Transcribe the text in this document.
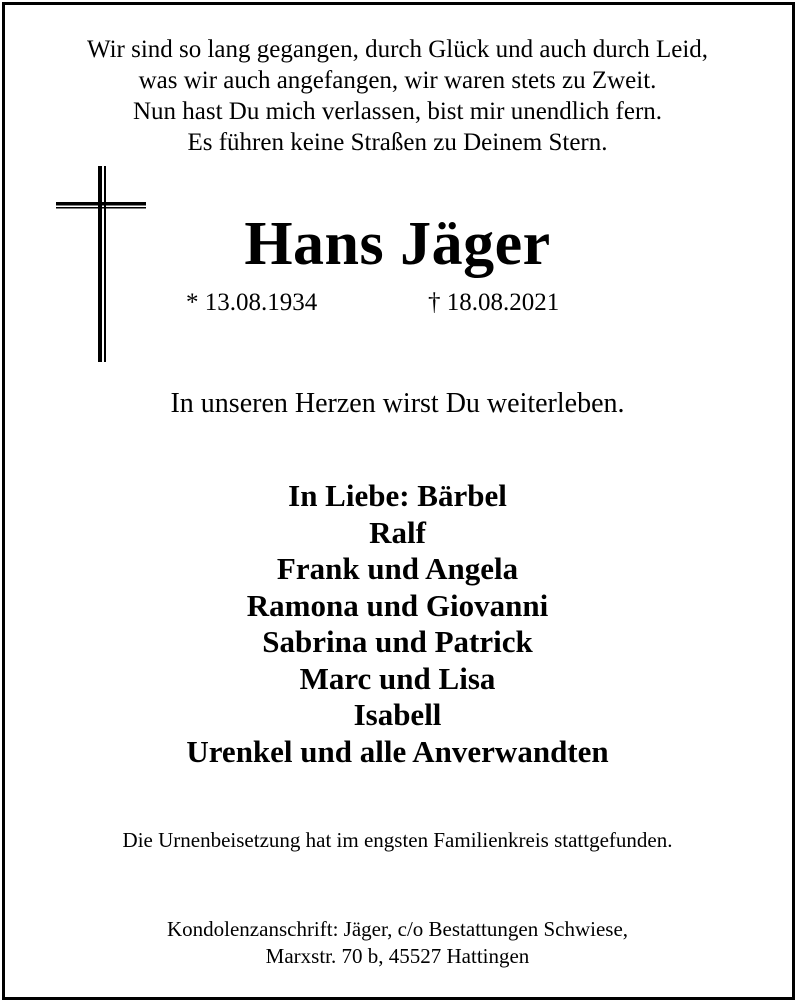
Wir sind so lang gegangen, durch Glück und auch durch Leid,
was wir auch angefangen, wir waren stets zu Zweit.
Nun hast Du mich verlassen, bist mir unendlich fern.
Es führen keine Straßen zu Deinem Stern.
Hans Jäger
* 13.08.1934	† 18.08.2021
In unseren Herzen wirst Du weiterleben.
In Liebe: Bärbel
Ralf
Frank und Angela
Ramona und Giovanni
Sabrina und Patrick
Marc und Lisa
Isabell
Urenkel und alle Anverwandten
Die Urnenbeisetzung hat im engsten Familienkreis stattgefunden.
Kondolenzanschrift: Jäger, c/o Bestattungen Schwiese,
Marxstr. 70 b, 45527 Hattingen
